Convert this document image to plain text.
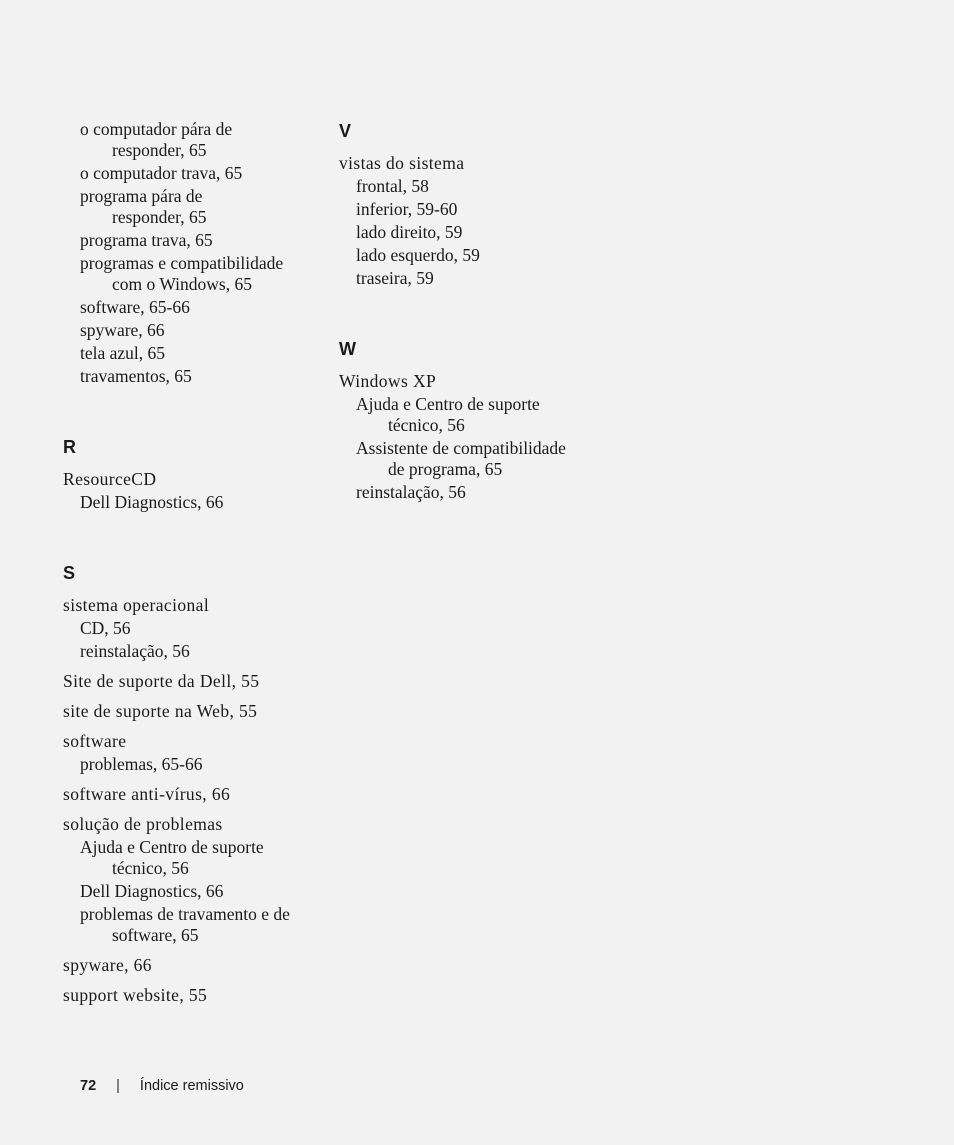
o computador pára de
responder, 65
o computador trava, 65
programa pára de
responder, 65
programa trava, 65
programas e compatibilidade
com o Windows, 65
software, 65-66
spyware, 66
tela azul, 65
travamentos, 65
R
ResourceCD
Dell Diagnostics, 66
S
sistema operacional
CD, 56
reinstalação, 56
Site de suporte da Dell, 55
site de suporte na Web, 55
software
problemas, 65-66
software anti-vírus, 66
solução de problemas
Ajuda e Centro de suporte
técnico, 56
Dell Diagnostics, 66
problemas de travamento e de
software, 65
spyware, 66
support website, 55
V
vistas do sistema
frontal, 58
inferior, 59-60
lado direito, 59
lado esquerdo, 59
traseira, 59
W
Windows XP
Ajuda e Centro de suporte
técnico, 56
Assistente de compatibilidade
de programa, 65
reinstalação, 56
72 | Índice remissivo
